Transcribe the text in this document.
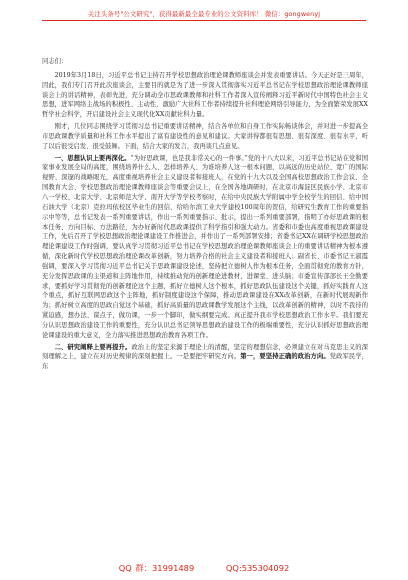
关注头条号"公文研究"，获得最新最全最专业的公文资料库！ 微信：gongwenyj

同志们：

2019年3月18日，习近平总书记主持召开学校思想政治理论课教师座谈会并发表重要讲话。今天正好是三周年，因此，我们专门召开此次座谈会，主要目的就是为了进一步深入贯彻落实习近平总书记在学校思想政治理论课教师座谈会上的讲话精神，表彰先进，充分调动全市思政课教师和社科工作者深入宣传阐释习近平新时代中国特色社会主义思想，进军网络主战场的积极性、主动性，激励广大社科工作者持续提升社科理论网络引导能力，为全面繁荣发展XX哲学社会科学，开启建设社会主义现代化XX贡献社科力量。

刚才，几位同志围绕学习贯彻习总书记重要讲话精神，结合各单位和自身工作实际畅谈体会，并对进一步提高全市思政课教学质量和社科工作水平提出了富有建设性的意见和建议。大家讲得都很有思想、很有深度、很有水平，听了以后很受启发、很受鼓舞。下面，结合大家的发言，我再谈几点意见。

一、思想认识上要再深化。“为好思政课，也是我非常关心的一件事。”党的十八大以来，习近平总书记站在党和国家事业发展全局的高度，围绕培养什么人、怎样培养人、为谁培养人这一根本问题，以高远的历史站位、宽广的国际视野、深邃的战略眼光，高度重视培养社会主义建设者和接班人，在党的十九大以及全国高校思想政治工作会议、全国教育大会、学校思想政治理论课教师座谈会等重要会议上，在全国各地调研时，在北京市海淀区民族小学、北京市八一学校、北京大学、北京师范大学、南开大学等学校考察时，在给中央民族大学附属中学全校学生的回信、给中国石油大学（北京）克拉玛依校区毕业生的回信、给哈尔滨工业大学建校100周年的贺信，给研究生教育工作的重要指示中等等，总书记发表一系列重要讲话，作出一系列重要指示、批示，提出一系列重要部署，指明了办好思政课的根本任务、方向目标、方法路径，为办好新时代思政课提供了科学指引和强大动力。省委和市委也高度重视思政课建设工作，先后召开了学校思想政治理论课建设工作推进会，并作出了一系列部署安排；省委书记XX在调研学校思想政治理论课建设工作时强调，要认真学习贯彻习近平总书记在学校思想政治理论课教师座谈会上的重要讲话精神为根本遵循，深化新时代学校思想政治理论课改革创新，努力培养合格的社会主义建设者和接班人；副省长、市委书记王淑霞强调，要深入学习贯彻习近平总书记关于思政课建设论述，坚持把立德树人作为根本任务，全面贯彻党的教育方针，充分发挥思政课的主渠道和主阵地作用，持续推动党的创新理论进教材、进课堂、进头脑；市委宣传部部长王全勤要求，要抓好学习贯彻党的创新理论这个主题，抓好立德树人这个根本，抓好思政队伍建设这个关键，抓好实践育人这个重点，抓好互联网思政这个主阵地，抓好制度建设这个保障，推动思政课建设在XX改革创新，在新时代展现新作为；抓好树立高度的思政自觉这个基础，抓好高质量的思政课教学发展这个主线，以改革创新的精神，以时不我待的紧迫感，想办法、谋点子，做功课，一步一个脚印，做实纲要完成。真正提升我市学校思想政治工作水平。我们要充分认识思想政治建设工作的重要性，充分认识总书记领导思想政治建设工作的极端重要性，充分认识抓好思想政治理论课建设的重大意义，全力落实推进思想政治教育各项工作。

二、研究阐释上要再提升。政治上的坚定来源于理论上的清醒，坚定的理想信念，必须建立在对马克思主义的深刻理解之上，建立在对历史规律的深刻把握上。一是要把牢研究方向。第一，要坚持正确的政治方向。党政军民学，东

QQ 群：31991489	QQ:535304092
